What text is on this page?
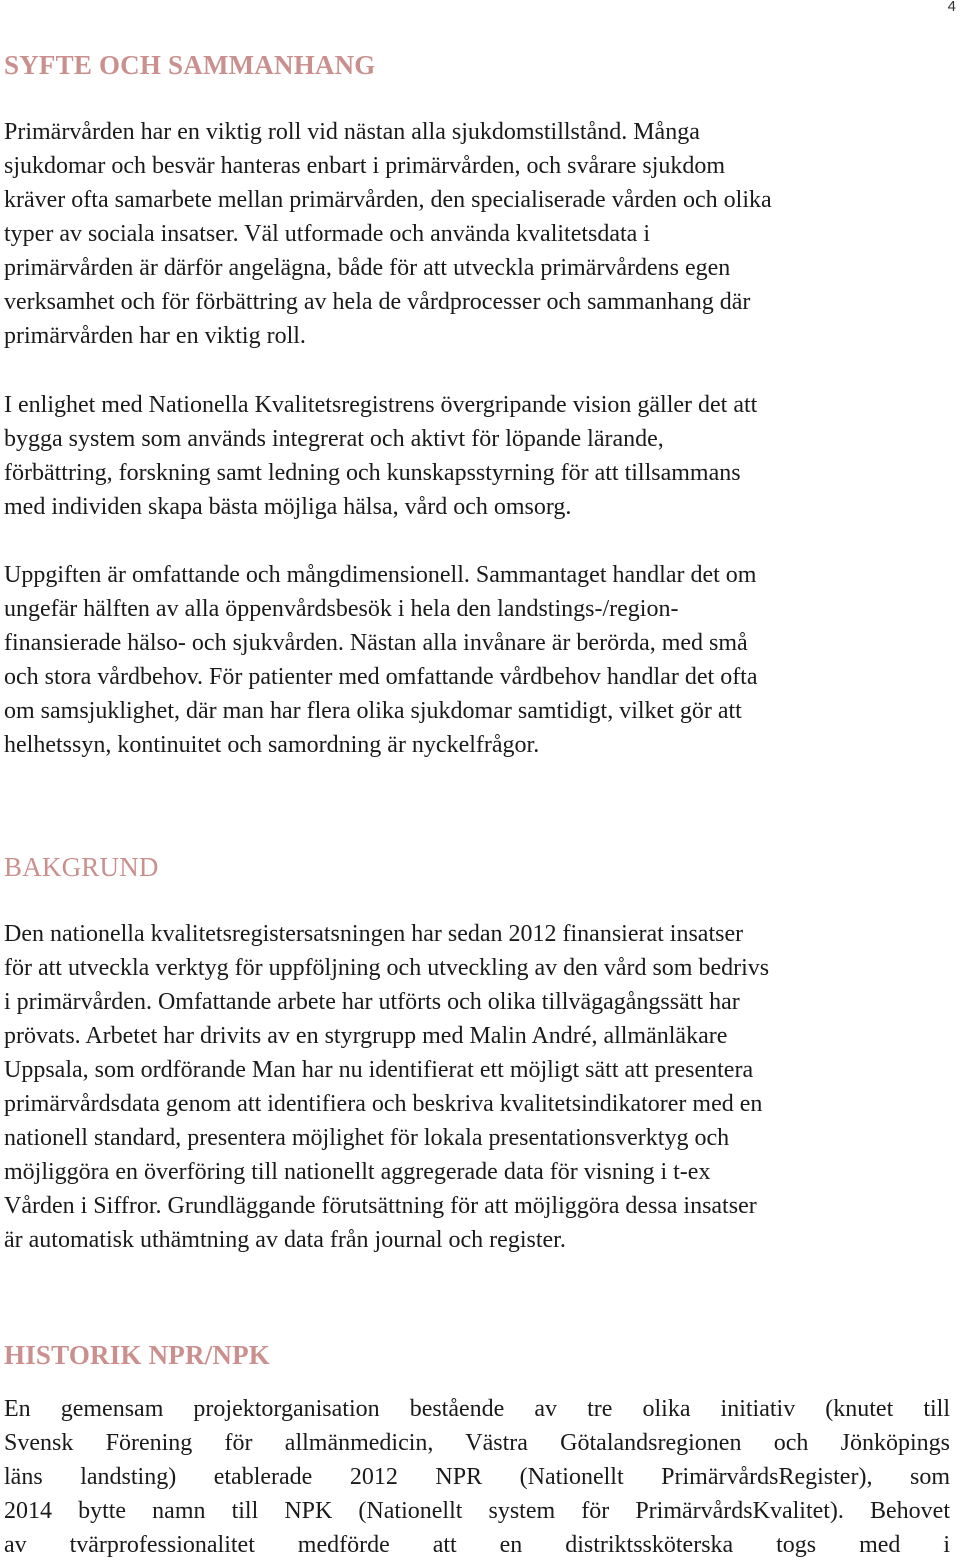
4
SYFTE OCH SAMMANHANG

Primärvården har en viktig roll vid nästan alla sjukdomstillstånd. Många
sjukdomar och besvär hanteras enbart i primärvården, och svårare sjukdom
kräver ofta samarbete mellan primärvården, den specialiserade vården och olika
typer av sociala insatser. Väl utformade och använda kvalitetsdata i
primärvården är därför angelägna, både för att utveckla primärvårdens egen
verksamhet och för förbättring av hela de vårdprocesser och sammanhang där
primärvården har en viktig roll.

I enlighet med Nationella Kvalitetsregistrens övergripande vision gäller det att
bygga system som används integrerat och aktivt för löpande lärande,
förbättring, forskning samt ledning och kunskapsstyrning för att tillsammans
med individen skapa bästa möjliga hälsa, vård och omsorg.

Uppgiften är omfattande och mångdimensionell. Sammantaget handlar det om
ungefär hälften av alla öppenvårdsbesök i hela den landstings-/region-
finansierade hälso- och sjukvården. Nästan alla invånare är berörda, med små
och stora vårdbehov. För patienter med omfattande vårdbehov handlar det ofta
om samsjuklighet, där man har flera olika sjukdomar samtidigt, vilket gör att
helhetssyn, kontinuitet och samordning är nyckelfrågor.

BAKGRUND

Den nationella kvalitetsregistersatsningen har sedan 2012 finansierat insatser
för att utveckla verktyg för uppföljning och utveckling av den vård som bedrivs
i primärvården. Omfattande arbete har utförts och olika tillvägagångssätt har
prövats. Arbetet har drivits av en styrgrupp med Malin André, allmänläkare
Uppsala, som ordförande Man har nu identifierat ett möjligt sätt att presentera
primärvårdsdata genom att identifiera och beskriva kvalitetsindikatorer med en
nationell standard, presentera möjlighet för lokala presentationsverktyg och
möjliggöra en överföring till nationellt aggregerade data för visning i t-ex
Vården i Siffror. Grundläggande förutsättning för att möjliggöra dessa insatser
är automatisk uthämtning av data från journal och register.

HISTORIK NPR/NPK

En gemensam projektorganisation bestående av tre olika initiativ (knutet till
Svensk Förening för allmänmedicin, Västra Götalandsregionen och Jönköpings
läns landsting) etablerade 2012 NPR (Nationellt PrimärvårdsRegister), som
2014 bytte namn till NPK (Nationellt system för PrimärvårdsKvalitet). Behovet
av tvärprofessionalitet medförde att en distriktssköterska togs med i
